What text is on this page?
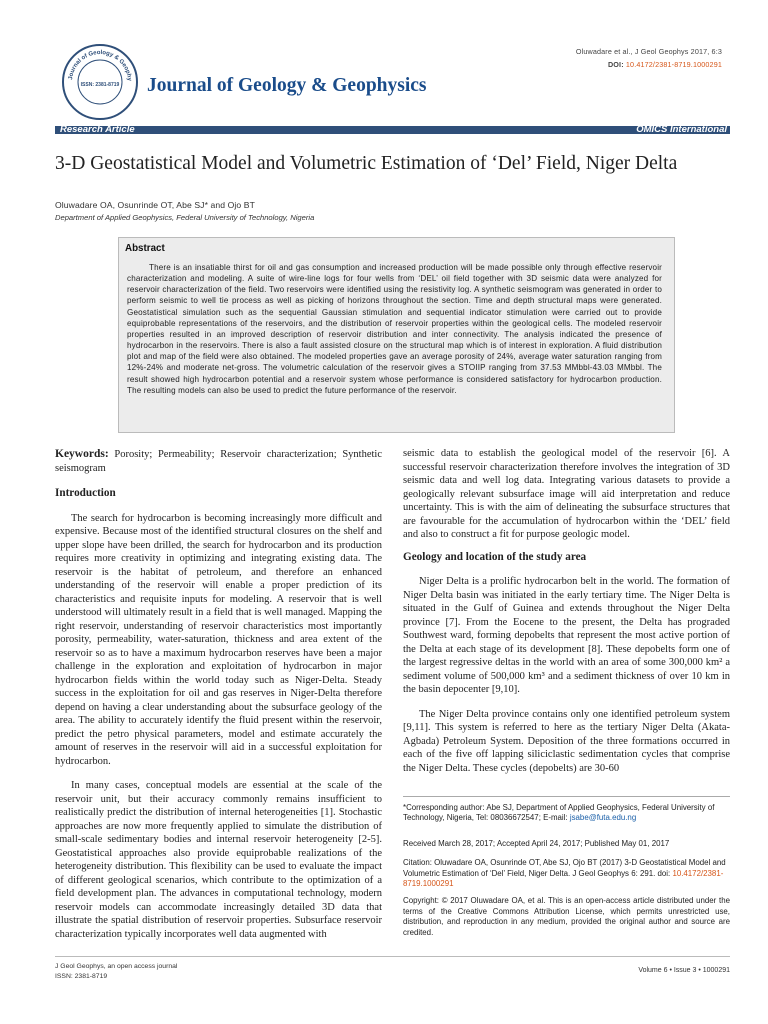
Journal of Geology & Geophy
ISSN: 2381-8719 Journal of Geology & Geophysics
Oluwadare et al., J Geol Geophys 2017, 6:3
DOI: 10.4172/2381-8719.1000291
Research Article	OMICS International
3-D Geostatistical Model and Volumetric Estimation of ‘Del’ Field, Niger Delta
Oluwadare OA, Osunrinde OT, Abe SJ* and Ojo BT
Department of Applied Geophysics, Federal University of Technology, Nigeria
Abstract
There is an insatiable thirst for oil and gas consumption and increased production will be made possible only through effective reservoir characterization and modeling. A suite of wire-line logs for four wells from ‘DEL’ oil field together with 3D seismic data were analyzed for reservoir characterization of the field. Two reservoirs were identified using the resistivity log. A synthetic seismogram was generated in order to perform seismic to well tie process as well as picking of horizons throughout the section. Time and depth structural maps were generated. Geostatistical simulation such as the sequential Gaussian stimulation and sequential indicator stimulation were carried out to provide equiprobable representations of the reservoirs, and the distribution of reservoir properties within the geological cells. The modeled reservoir properties resulted in an improved description of reservoir distribution and inter connectivity. The analysis indicated the presence of hydrocarbon in the reservoirs. There is also a fault assisted closure on the structural map which is of interest in exploration. A fluid distribution plot and map of the field were also obtained. The modeled properties gave an average porosity of 24%, average water saturation ranging from 12%-24% and moderate net-gross. The volumetric calculation of the reservoir gives a STOIIP ranging from 37.53 MMbbl-43.03 MMbbl. The result showed high hydrocarbon potential and a reservoir system whose performance is considered satisfactory for hydrocarbon production. The resulting models can also be used to predict the future performance of the reservoir.
Keywords: Porosity; Permeability; Reservoir characterization; Synthetic seismogram
Introduction

The search for hydrocarbon is becoming increasingly more difficult and expensive. Because most of the identified structural closures on the shelf and upper slope have been drilled, the search for hydrocarbon and its production requires more creativity in optimizing and integrating existing data. The reservoir is the habitat of petroleum, and therefore an enhanced understanding of the reservoir will enable a proper prediction of its characteristics and requisite inputs for modeling. A reservoir that is well understood will ultimately result in a field that is well managed. Mapping the right reservoir, understanding of reservoir characteristics most importantly porosity, permeability, water-saturation, thickness and area extent of the reservoir so as to have a maximum hydrocarbon reserves have been a major challenge in the exploration and exploitation of hydrocarbon in major hydrocarbon fields within the world today such as Niger-Delta. Steady success in the exploitation for oil and gas reserves in Niger-Delta therefore depend on having a clear understanding about the subsurface geology of the area. The ability to accurately identify the fluid present within the reservoir, predict the petro physical parameters, model and estimate accurately the amount of reserves in the reservoir will aid in a successful exploitation for hydrocarbon.

In many cases, conceptual models are essential at the scale of the reservoir unit, but their accuracy commonly remains insufficient to realistically predict the distribution of internal heterogeneities [1]. Stochastic approaches are now more frequently applied to simulate the distribution of small-scale sedimentary bodies and internal reservoir heterogeneity [2-5]. Geostatistical approaches also provide equiprobable realizations of the heterogeneity distribution. This flexibility can be used to evaluate the impact of different geological scenarios, which contribute to the optimization of a field development plan. The advances in computational technology, modern reservoir models can accommodate increasingly detailed 3D data that illustrate the spatial distribution of reservoir properties. Subsurface reservoir characterization typically incorporates well data augmented with

seismic data to establish the geological model of the reservoir [6]. A successful reservoir characterization therefore involves the integration of 3D seismic data and well log data. Integrating various datasets to provide a geologically relevant subsurface image will aid interpretation and reduce uncertainty. This is with the aim of delineating the subsurface structures that are favourable for the accumulation of hydrocarbon within the ‘DEL’ field and also to construct a fit for purpose geologic model.

Geology and location of the study area

Niger Delta is a prolific hydrocarbon belt in the world. The formation of Niger Delta basin was initiated in the early tertiary time. The Niger Delta is situated in the Gulf of Guinea and extends throughout the Niger Delta province [7]. From the Eocene to the present, the Delta has prograded Southwest ward, forming depobelts that represent the most active portion of the Delta at each stage of its development [8]. These depobelts form one of the largest regressive deltas in the world with an area of some 300,000 km² a sediment volume of 500,000 km³ and a sediment thickness of over 10 km in the basin depocenter [9,10].

The Niger Delta province contains only one identified petroleum system [9,11]. This system is referred to here as the tertiary Niger Delta (Akata-Agbada) Petroleum System. Deposition of the three formations occurred in each of the five off lapping siliciclastic sedimentation cycles that comprise the Niger Delta. These cycles (depobelts) are 30-60

*Corresponding author: Abe SJ, Department of Applied Geophysics, Federal University of Technology, Nigeria, Tel: 08036672547; E-mail: jsabe@futa.edu.ng
Received March 28, 2017; Accepted April 24, 2017; Published May 01, 2017
Citation: Oluwadare OA, Osunrinde OT, Abe SJ, Ojo BT (2017) 3-D Geostatistical Model and Volumetric Estimation of ‘Del’ Field, Niger Delta. J Geol Geophys 6: 291. doi: 10.4172/2381-8719.1000291
Copyright: © 2017 Oluwadare OA, et al. This is an open-access article distributed under the terms of the Creative Commons Attribution License, which permits unrestricted use, distribution, and reproduction in any medium, provided the original author and source are credited.
J Geol Geophys, an open access journal
ISSN: 2381-8719
Volume 6 • Issue 3 • 1000291
